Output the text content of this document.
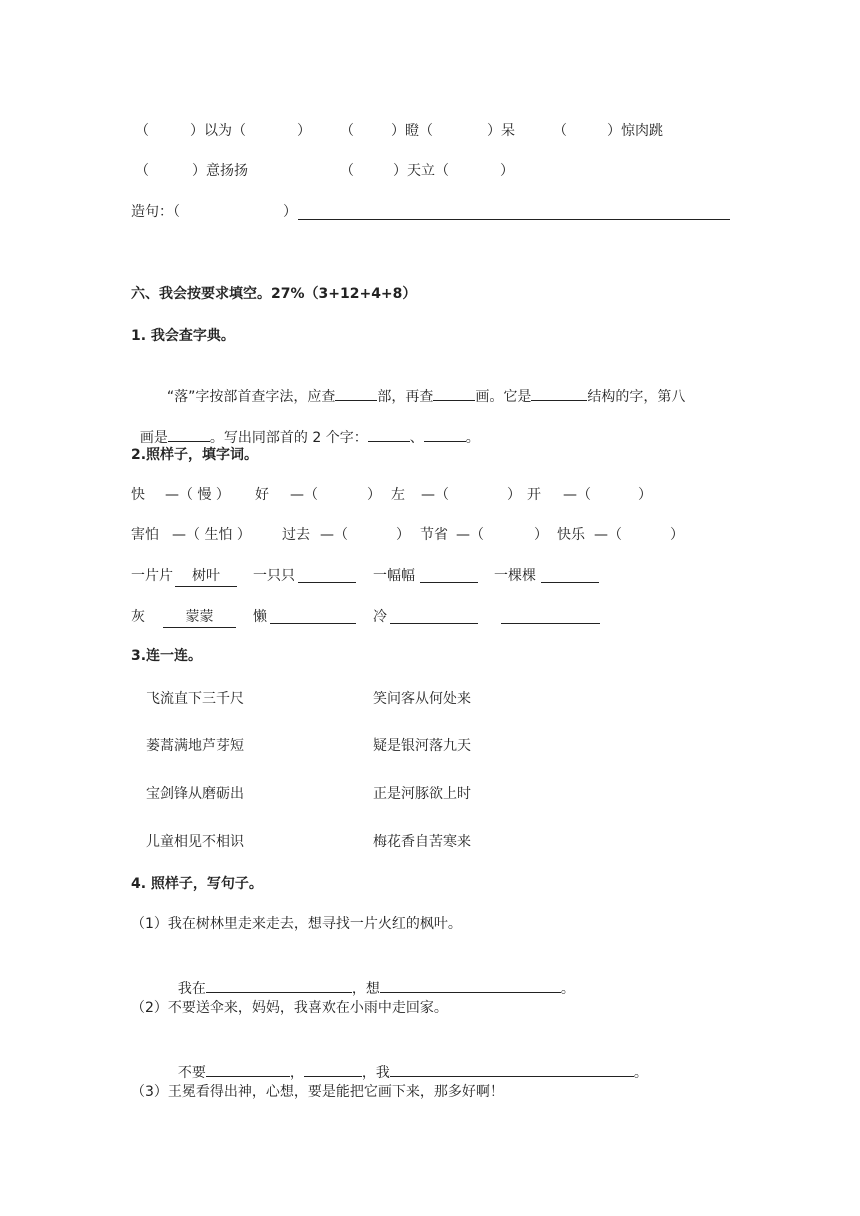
（	）以为（	） （	）瞪（	）呆	（	）惊肉跳
（	）意扬扬	（	）天立（	）
造句：（	）
六、我会按要求填空。27%（3+12+4+8）
1. 我会查字典。

“落”字按部首查字法，应查	部，再查	画。它是	结构的字，第八

画是	。写出同部首的 2 个字：	、	。

2.照样子，填字词。
快 —（ 慢 ） 好 —（	） 左 —（	） 开 —（	）
害怕 —（ 生怕 ） 过去 —（	） 节省 —（	） 快乐 —（	）
一片片	树叶	一只只	一幅幅	一棵棵
灰	蒙蒙	懒	冷
3.连一连。
飞流直下三千尺
蒌蒿满地芦芽短
宝剑锋从磨砺出
儿童相见不相识
笑问客从何处来
疑是银河落九天
正是河豚欲上时
梅花香自苦寒来
4. 照样子，写句子。
（1）我在树林里走来走去，想寻找一片火红的枫叶。

我在	，想	。

（2）不要送伞来，妈妈，我喜欢在小雨中走回家。

不要	，	，我	。

（3）王冕看得出神，心想，要是能把它画下来，那多好啊！
